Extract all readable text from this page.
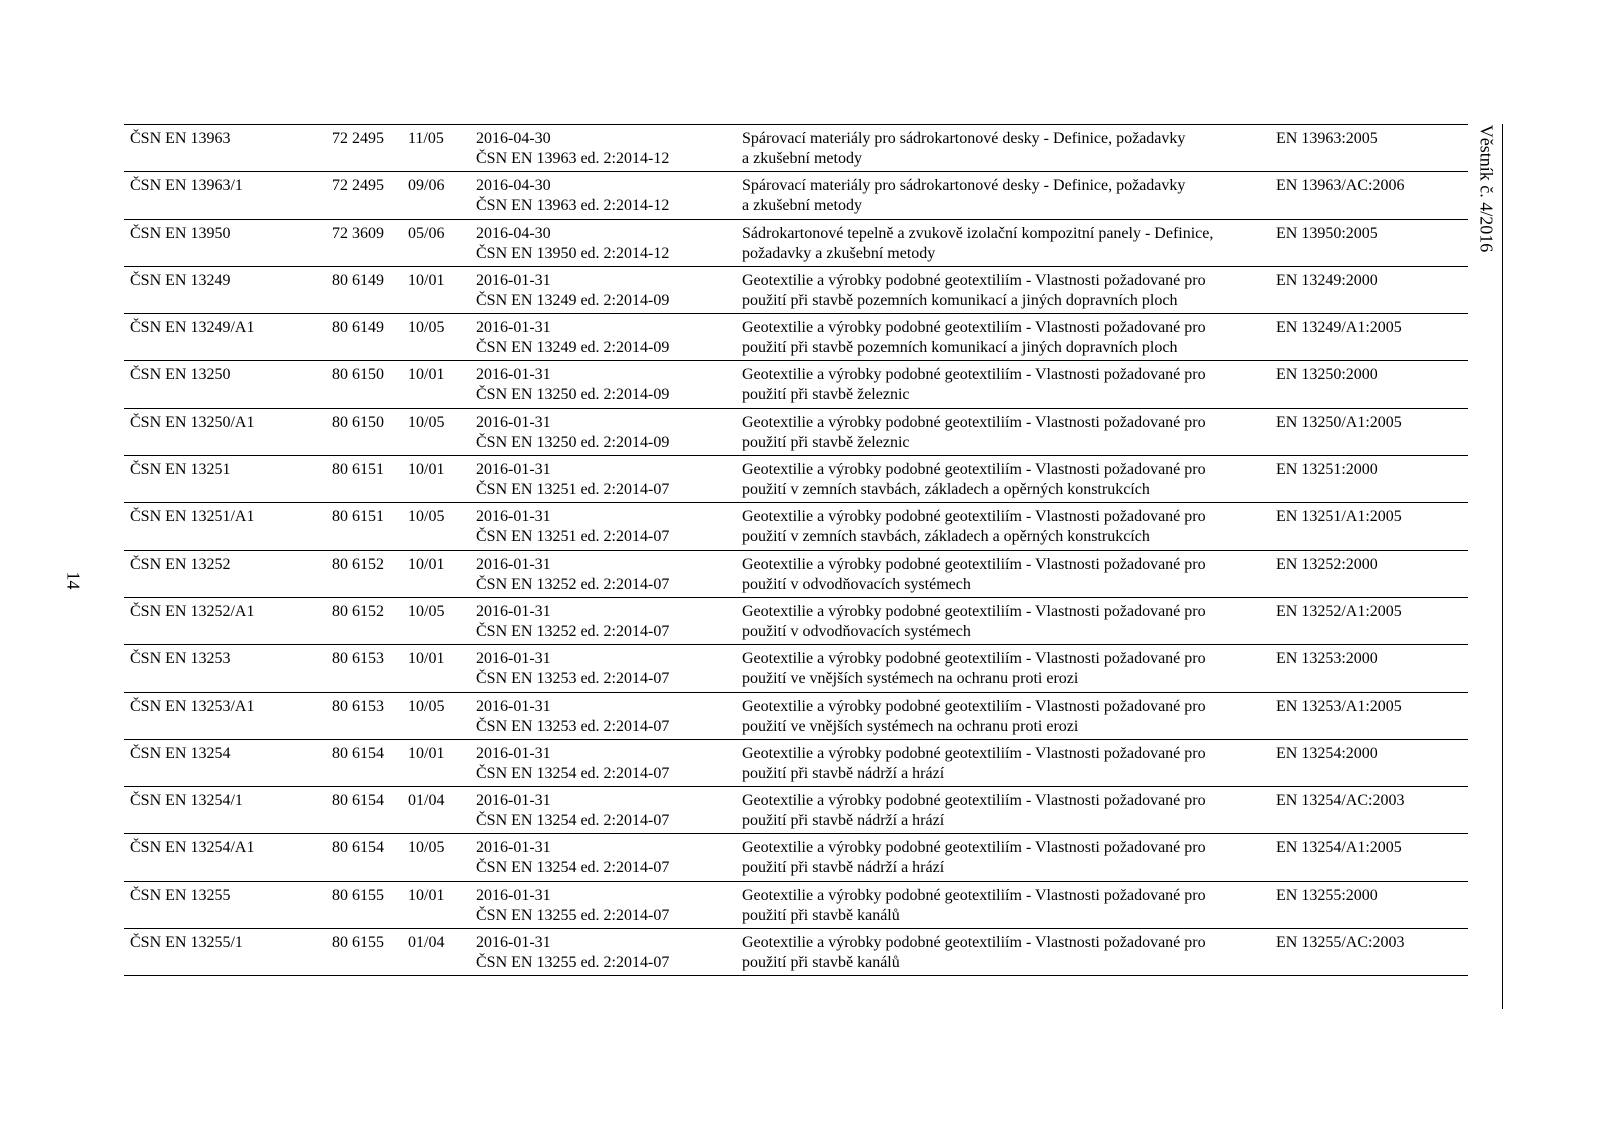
14
Věstník č. 4/2016
ČSN EN 13963	72 2495 11/05 2016-04-30
ČSN EN 13963 ed. 2:2014-12
Spárovací materiály pro sádrokartonové desky - Definice, požadavky
a zkušební metody
EN 13963:2005
ČSN EN 13963/1	72 2495 09/06 2016-04-30
ČSN EN 13963 ed. 2:2014-12
Spárovací materiály pro sádrokartonové desky - Definice, požadavky
a zkušební metody
EN 13963/AC:2006
ČSN EN 13950	72 3609 05/06 2016-04-30
ČSN EN 13950 ed. 2:2014-12
Sádrokartonové tepelně a zvukově izolační kompozitní panely - Definice,
požadavky a zkušební metody
EN 13950:2005
ČSN EN 13249	80 6149 10/01 2016-01-31
ČSN EN 13249 ed. 2:2014-09
Geotextilie a výrobky podobné geotextiliím - Vlastnosti požadované pro
použití při stavbě pozemních komunikací a jiných dopravních ploch
EN 13249:2000
ČSN EN 13249/A1	80 6149 10/05 2016-01-31
ČSN EN 13249 ed. 2:2014-09
Geotextilie a výrobky podobné geotextiliím - Vlastnosti požadované pro
použití při stavbě pozemních komunikací a jiných dopravních ploch
EN 13249/A1:2005
ČSN EN 13250	80 6150 10/01 2016-01-31
ČSN EN 13250 ed. 2:2014-09
Geotextilie a výrobky podobné geotextiliím - Vlastnosti požadované pro
použití při stavbě železnic
EN 13250:2000
ČSN EN 13250/A1	80 6150 10/05 2016-01-31
ČSN EN 13250 ed. 2:2014-09
Geotextilie a výrobky podobné geotextiliím - Vlastnosti požadované pro
použití při stavbě železnic
EN 13250/A1:2005
ČSN EN 13251	80 6151 10/01 2016-01-31
ČSN EN 13251 ed. 2:2014-07
Geotextilie a výrobky podobné geotextiliím - Vlastnosti požadované pro
použití v zemních stavbách, základech a opěrných konstrukcích
EN 13251:2000
ČSN EN 13251/A1	80 6151 10/05 2016-01-31
ČSN EN 13251 ed. 2:2014-07
Geotextilie a výrobky podobné geotextiliím - Vlastnosti požadované pro
použití v zemních stavbách, základech a opěrných konstrukcích
EN 13251/A1:2005
ČSN EN 13252	80 6152 10/01 2016-01-31
ČSN EN 13252 ed. 2:2014-07
Geotextilie a výrobky podobné geotextiliím - Vlastnosti požadované pro
použití v odvodňovacích systémech
EN 13252:2000
ČSN EN 13252/A1	80 6152 10/05 2016-01-31
ČSN EN 13252 ed. 2:2014-07
Geotextilie a výrobky podobné geotextiliím - Vlastnosti požadované pro
použití v odvodňovacích systémech
EN 13252/A1:2005
ČSN EN 13253	80 6153 10/01 2016-01-31
ČSN EN 13253 ed. 2:2014-07
Geotextilie a výrobky podobné geotextiliím - Vlastnosti požadované pro
použití ve vnějších systémech na ochranu proti erozi
EN 13253:2000
ČSN EN 13253/A1	80 6153 10/05 2016-01-31
ČSN EN 13253 ed. 2:2014-07
Geotextilie a výrobky podobné geotextiliím - Vlastnosti požadované pro
použití ve vnějších systémech na ochranu proti erozi
EN 13253/A1:2005
ČSN EN 13254	80 6154 10/01 2016-01-31
ČSN EN 13254 ed. 2:2014-07
Geotextilie a výrobky podobné geotextiliím - Vlastnosti požadované pro
použití při stavbě nádrží a hrází
EN 13254:2000
ČSN EN 13254/1	80 6154 01/04 2016-01-31
ČSN EN 13254 ed. 2:2014-07
Geotextilie a výrobky podobné geotextiliím - Vlastnosti požadované pro
použití při stavbě nádrží a hrází
EN 13254/AC:2003
ČSN EN 13254/A1	80 6154 10/05 2016-01-31
ČSN EN 13254 ed. 2:2014-07
Geotextilie a výrobky podobné geotextiliím - Vlastnosti požadované pro
použití při stavbě nádrží a hrází
EN 13254/A1:2005
ČSN EN 13255	80 6155 10/01 2016-01-31
ČSN EN 13255 ed. 2:2014-07
Geotextilie a výrobky podobné geotextiliím - Vlastnosti požadované pro
použití při stavbě kanálů
EN 13255:2000
ČSN EN 13255/1	80 6155 01/04 2016-01-31
ČSN EN 13255 ed. 2:2014-07
Geotextilie a výrobky podobné geotextiliím - Vlastnosti požadované pro
použití při stavbě kanálů
EN 13255/AC:2003
